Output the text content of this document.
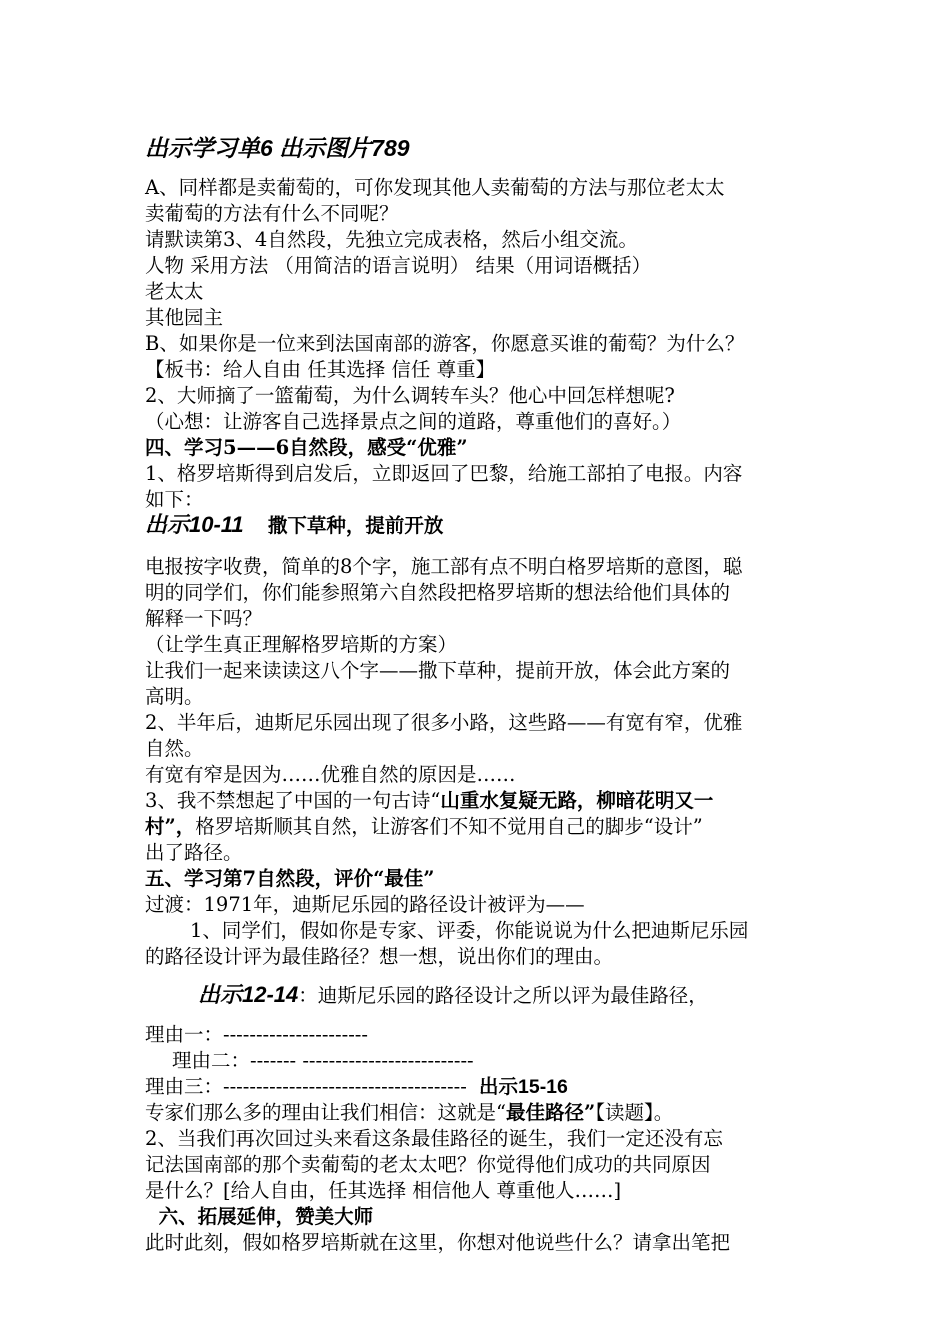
出示学习单6 出示图片789
A、同样都是卖葡萄的，可你发现其他人卖葡萄的方法与那位老太太
卖葡萄的方法有什么不同呢？
请默读第3、4自然段，先独立完成表格，然后小组交流。
人物 采用方法 （用简洁的语言说明） 结果（用词语概括）
老太太
其他园主
B、如果你是一位来到法国南部的游客，你愿意买谁的葡萄？为什么？
【板书：给人自由 任其选择 信任 尊重】
2、大师摘了一篮葡萄，为什么调转车头？他心中回怎样想呢?
（心想：让游客自己选择景点之间的道路，尊重他们的喜好。）
四、学习5——6自然段，感受“优雅”
1、格罗培斯得到启发后，立即返回了巴黎，给施工部拍了电报。内容
如下：
出示10-11 撒下草种，提前开放
电报按字收费，简单的8个字，施工部有点不明白格罗培斯的意图，聪
明的同学们，你们能参照第六自然段把格罗培斯的想法给他们具体的
解释一下吗？
（让学生真正理解格罗培斯的方案）
让我们一起来读读这八个字——撒下草种，提前开放，体会此方案的
高明。
2、半年后，迪斯尼乐园出现了很多小路，这些路——有宽有窄，优雅
自然。
有宽有窄是因为……优雅自然的原因是……
3、我不禁想起了中国的一句古诗“山重水复疑无路，柳暗花明又一
村”，格罗培斯顺其自然，让游客们不知不觉用自己的脚步“设计”
出了路径。
五、学习第7自然段，评价“最佳”
过渡：1971年，迪斯尼乐园的路径设计被评为——
1、同学们，假如你是专家、评委，你能说说为什么把迪斯尼乐园
的路径设计评为最佳路径？想一想，说出你们的理由。
出示12-14：迪斯尼乐园的路径设计之所以评为最佳路径，
理由一：----------------------
理由二：------- --------------------------
理由三：------------------------------------- 出示15-16
专家们那么多的理由让我们相信：这就是“最佳路径”【读题】。
2、当我们再次回过头来看这条最佳路径的诞生，我们一定还没有忘
记法国南部的那个卖葡萄的老太太吧？你觉得他们成功的共同原因
是什么？[给人自由，任其选择 相信他人 尊重他人……]
六、拓展延伸，赞美大师
此时此刻，假如格罗培斯就在这里，你想对他说些什么？请拿出笔把
